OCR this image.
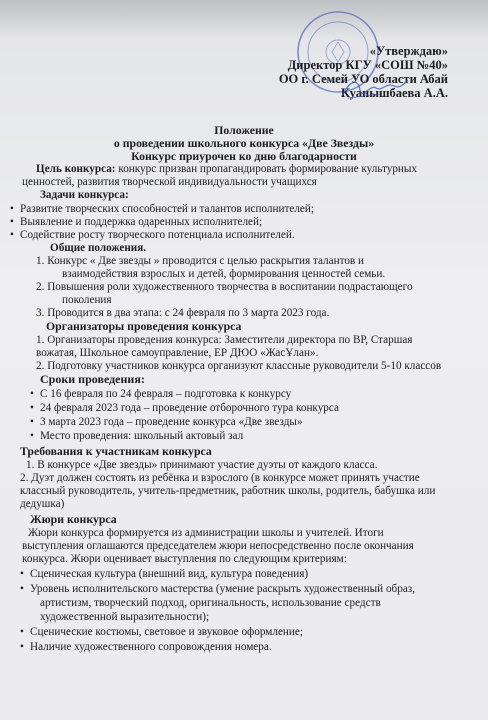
«Утверждаю»
Директор КГУ «СОШ №40»
ОО г. Семей УО области Абай
Куанышбаева А.А.
Положение
о проведении школьного конкурса «Две Звезды»
Конкурс приурочен ко дню благодарности
Цель конкурса: конкурс призван пропагандировать формирование культурных
ценностей, развития творческой индивидуальности учащихся
Задачи конкурса:
• Развитие творческих способностей и талантов исполнителей;
• Выявление и поддержка одаренных исполнителей;
• Содействие росту творческого потенциала исполнителей.
Общие положения.
1. Конкурс « Две звезды » проводится с целью раскрытия талантов и
взаимодействия взрослых и детей, формирования ценностей семьи.
2. Повышения роли художественного творчества в воспитании подрастающего
поколения
3. Проводится в два этапа: с 24 февраля по 3 марта 2023 года.
Организаторы проведения конкурса
1. Организаторы проведения конкурса: Заместители директора по ВР, Старшая
вожатая, Школьное самоуправление, ЕР ДЮО «ЖасҰлан».
2. Подготовку участников конкурса организуют классные руководители 5-10 классов
Сроки проведения:
• С 16 февраля по 24 февраля – подготовка к конкурсу
• 24 февраля 2023 года – проведение отборочного тура конкурса
• 3 марта 2023 года – проведение конкурса «Две звезды»
• Место проведения: школьный актовый зал
Требования к участникам конкурса
1. В конкурсе «Две звезды» принимают участие дуэты от каждого класса.
2. Дуэт должен состоять из ребёнка и взрослого (в конкурсе может принять участие
классный руководитель, учитель-предметник, работник школы, родитель, бабушка или
дедушка)
Жюри конкурса
Жюри конкурса формируется из администрации школы и учителей. Итоги
выступления оглашаются председателем жюри непосредственно после окончания
конкурса. Жюри оценивает выступления по следующим критериям:
• Сценическая культура (внешний вид, культура поведения)
• Уровень исполнительского мастерства (умение раскрыть художественный образ,
артистизм, творческий подход, оригинальность, использование средств
художественной выразительности);
• Сценические костюмы, световое и звуковое оформление;
• Наличие художественного сопровождения номера.
